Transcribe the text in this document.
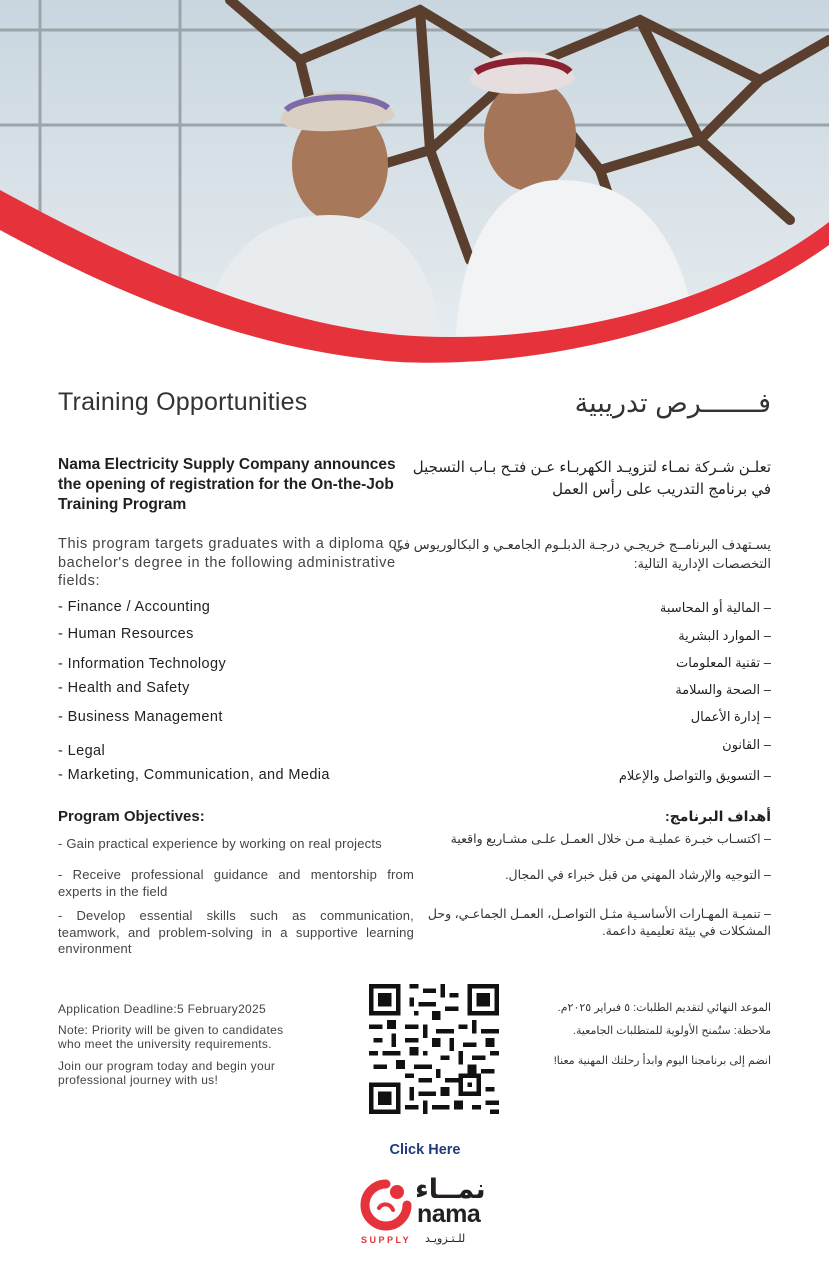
Training Opportunities	فـــــــرص تدريبية
Nama Electricity Supply Company announces the opening of registration for the On-the-Job Training Program
تعلـن شـركة نمـاء لتزويـد الكهربـاء عـن فتـح بـاب التسجيل في برنامج التدريب على رأس العمل
This program targets graduates with a diploma or bachelor's degree in the following administrative fields:
يسـتهدف البرنامــج خريجـي درجـة الدبلـوم الجامعـي و البكالوريوس في التخصصات الإدارية التالية:
- Finance / Accounting
- Human Resources
- Information Technology
- Health and Safety
- Business Management
- Legal
- Marketing, Communication, and Media
– المالية أو المحاسبة
– الموارد البشرية
– تقنية المعلومات
– الصحة والسلامة
– إدارة الأعمال
– القانون
– التسويق والتواصل والإعلام
Program Objectives:	أهداف البرنامج:
- Gain practical experience by working on real projects
- Receive professional guidance and mentorship from experts in the field
- Develop essential skills such as communication, teamwork, and problem-solving in a supportive learning environment
– اكتسـاب خبـرة عمليـة مـن خلال العمـل علـى مشـاريع واقعية
– التوجيه والإرشاد المهني من قبل خبراء في المجال.
– تنميـة المهـارات الأساسـية مثـل التواصـل، العمـل الجماعـي، وحل المشكلات في بيئة تعليمية داعمة.
Application Deadline:5 February2025
Note: Priority will be given to candidates who meet the university requirements.
Join our program today and begin your professional journey with us!
الموعد النهائي لتقديم الطلبات: ٥ فبراير ٢٠٢٥م.
ملاحظة: ستُمنح الأولوية للمتطلبات الجامعية.
انضم إلى برنامجنا اليوم وابدأ رحلتك المهنية معنا!
Click Here
نمــاء
nama
SUPPLY للـتـزويـد
